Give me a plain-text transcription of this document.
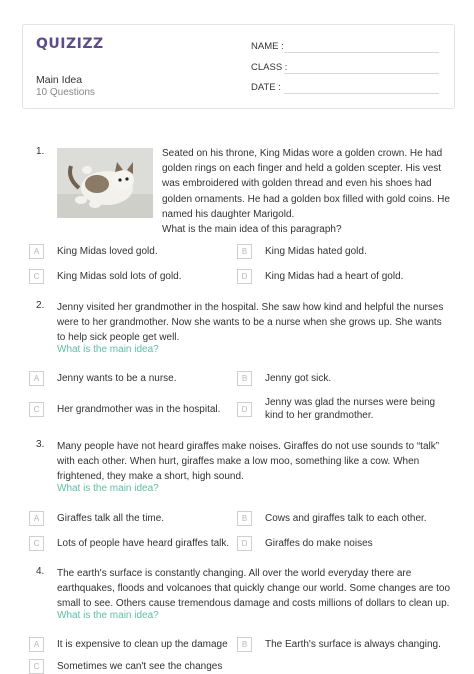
QUIZIZZ
Main Idea
10 Questions
NAME :
CLASS :
DATE :
1.	Seated on his throne, King Midas wore a golden crown. He had
golden rings on each finger and held a golden scepter. His vest
was embroidered with golden thread and even his shoes had
golden ornaments. He had a golden box filled with gold coins. He
named his daughter Marigold.
What is the main idea of this paragraph?
A	King Midas loved gold.	B	King Midas hated gold.
C	King Midas sold lots of gold.	D	King Midas had a heart of gold.
2. Jenny visited her grandmother in the hospital. She saw how kind and helpful the nurses
were to her grandmother. Now she wants to be a nurse when she grows up. She wants
to help sick people get well.
What is the main idea?
A	Jenny wants to be a nurse.	B	Jenny got sick.
C	Her grandmother was in the hospital.	D
Jenny was glad the nurses were being kind to her grandmother.
3. Many people have not heard giraffes make noises. Giraffes do not use sounds to “talk”
with each other. When hurt, giraffes make a low moo, something like a cow. When
frightened, they make a short, high sound.
What is the main idea?
A	Giraffes talk all the time.	B	Cows and giraffes talk to each other.
C	Lots of people have heard giraffes talk.	D	Giraffes do make noises
4. The earth's surface is constantly changing. All over the world everyday there are
earthquakes, floods and volcanoes that quickly change our world. Some changes are too
small to see. Others cause tremendous damage and costs millions of dollars to clean up.
What is the main idea?
A	It is expensive to clean up the damage	B	The Earth's surface is always changing.
C	Sometimes we can't see the changes
